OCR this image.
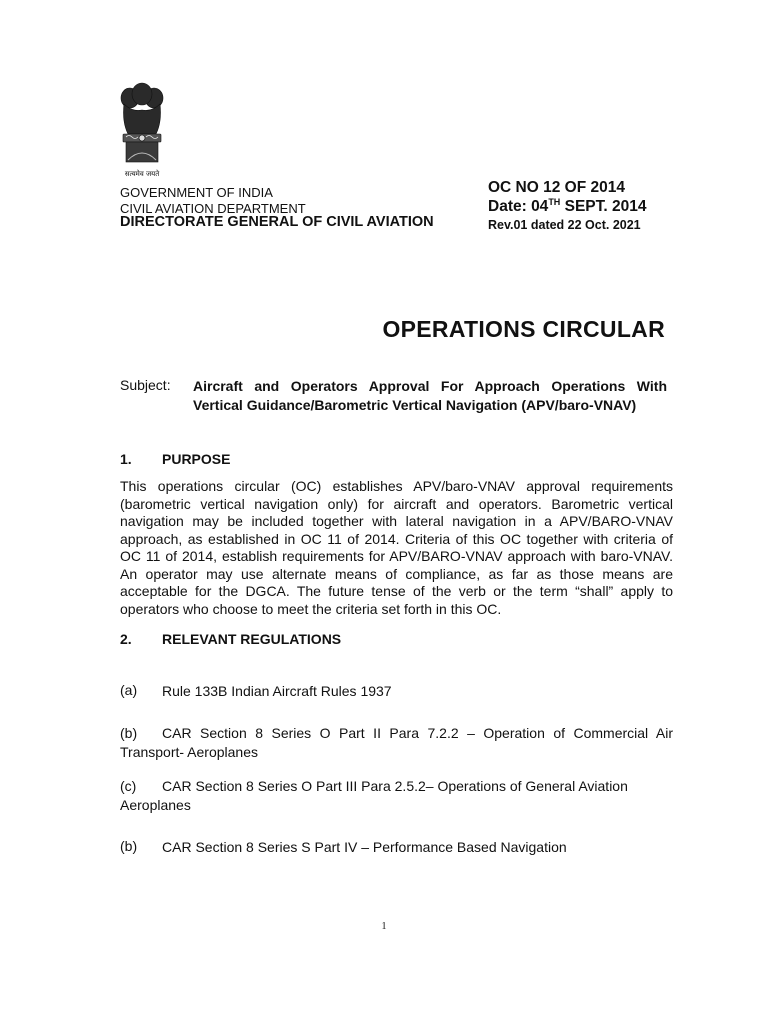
सत्यमेव जयते
GOVERNMENT OF INDIA
CIVIL AVIATION DEPARTMENT
DIRECTORATE GENERAL OF CIVIL AVIATION
OC NO 12 OF 2014
Date: 04TH SEPT. 2014
Rev.01 dated 22 Oct. 2021
OPERATIONS CIRCULAR
Subject: Aircraft and Operators Approval For Approach Operations With Vertical Guidance/Barometric Vertical Navigation (APV/baro-VNAV)
1. PURPOSE
This operations circular (OC) establishes APV/baro-VNAV approval requirements (barometric vertical navigation only) for aircraft and operators. Barometric vertical navigation may be included together with lateral navigation in a APV/BARO-VNAV approach, as established in OC 11 of 2014. Criteria of this OC together with criteria of OC 11 of 2014, establish requirements for APV/BARO-VNAV approach with baro-VNAV. An operator may use alternate means of compliance, as far as those means are acceptable for the DGCA. The future tense of the verb or the term “shall” apply to operators who choose to meet the criteria set forth in this OC.
2. RELEVANT REGULATIONS
(a) Rule 133B Indian Aircraft Rules 1937
(b) CAR Section 8 Series O Part II Para 7.2.2 – Operation of Commercial Air Transport- Aeroplanes
(c) CAR Section 8 Series O Part III Para 2.5.2– Operations of General Aviation Aeroplanes
(b) CAR Section 8 Series S Part IV – Performance Based Navigation
1
